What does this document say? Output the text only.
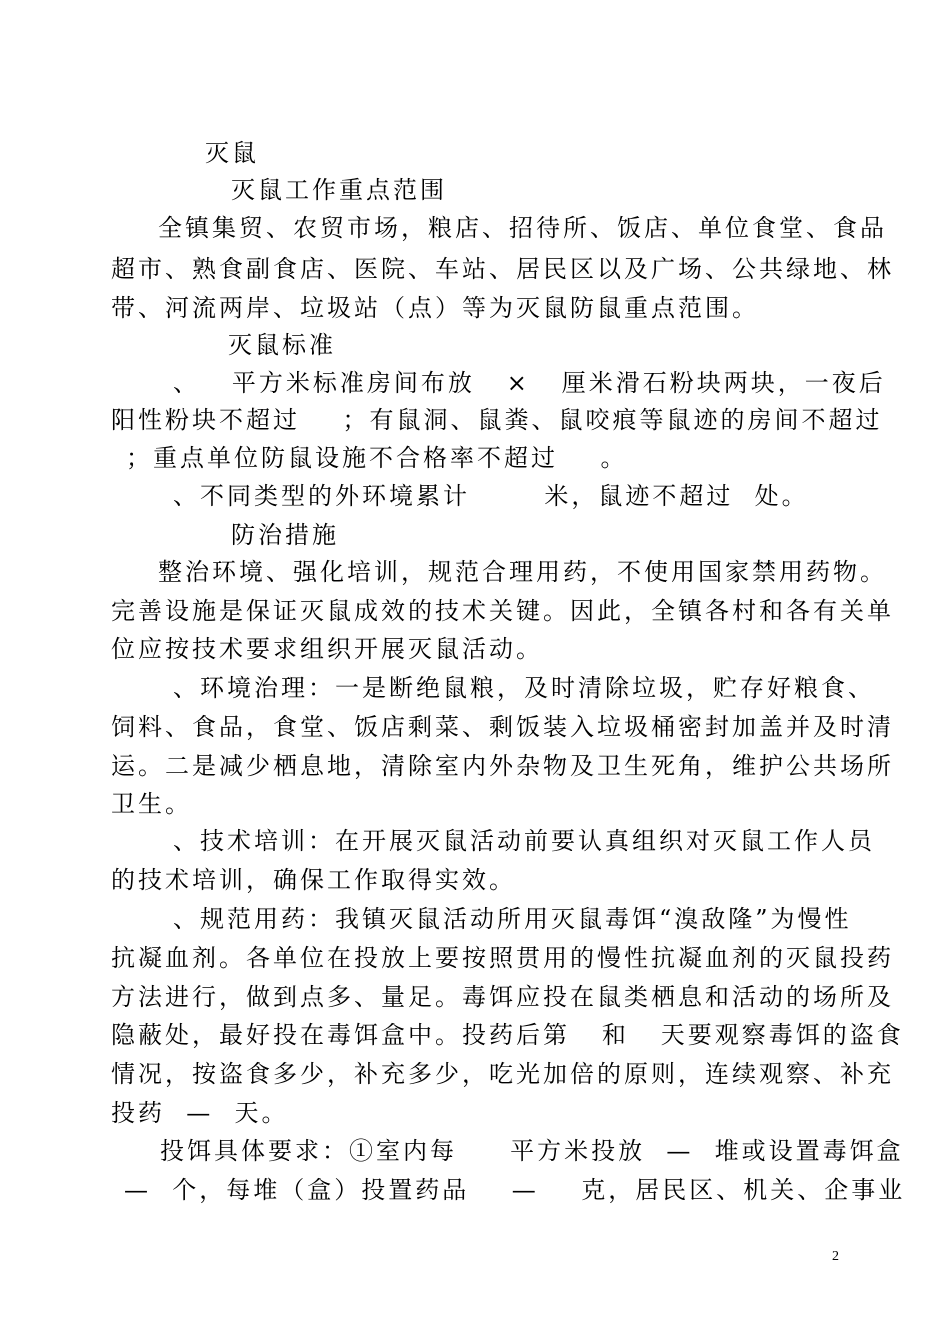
灭鼠
灭鼠工作重点范围
全镇集贸、农贸市场，粮店、招待所、饭店、单位食堂、食品
超市、熟食副食店、医院、车站、居民区以及广场、公共绿地、林
带、河流两岸、垃圾站（点）等为灭鼠防鼠重点范围。
灭鼠标准
、   平方米标准房间布放   ×   厘米滑石粉块两块，一夜后
阳性粉块不超过    ；有鼠洞、鼠粪、鼠咬痕等鼠迹的房间不超过
；重点单位防鼠设施不合格率不超过    。
、不同类型的外环境累计       米，鼠迹不超过  处。
防治措施
整治环境、强化培训，规范合理用药，不使用国家禁用药物。
完善设施是保证灭鼠成效的技术关键。因此，全镇各村和各有关单
位应按技术要求组织开展灭鼠活动。
、环境治理：一是断绝鼠粮，及时清除垃圾，贮存好粮食、
饲料、食品，食堂、饭店剩菜、剩饭装入垃圾桶密封加盖并及时清
运。二是减少栖息地，清除室内外杂物及卫生死角，维护公共场所
卫生。
、技术培训：在开展灭鼠活动前要认真组织对灭鼠工作人员
的技术培训，确保工作取得实效。
、规范用药：我镇灭鼠活动所用灭鼠毒饵“溴敌隆”为慢性
抗凝血剂。各单位在投放上要按照贯用的慢性抗凝血剂的灭鼠投药
方法进行，做到点多、量足。毒饵应投在鼠类栖息和活动的场所及
隐蔽处，最好投在毒饵盒中。投药后第   和   天要观察毒饵的盗食
情况，按盗食多少，补充多少，吃光加倍的原则，连续观察、补充
投药  —  天。
投饵具体要求：①室内每     平方米投放  —  堆或设置毒饵盒
—  个，每堆（盒）投置药品    —    克，居民区、机关、企事业
2
